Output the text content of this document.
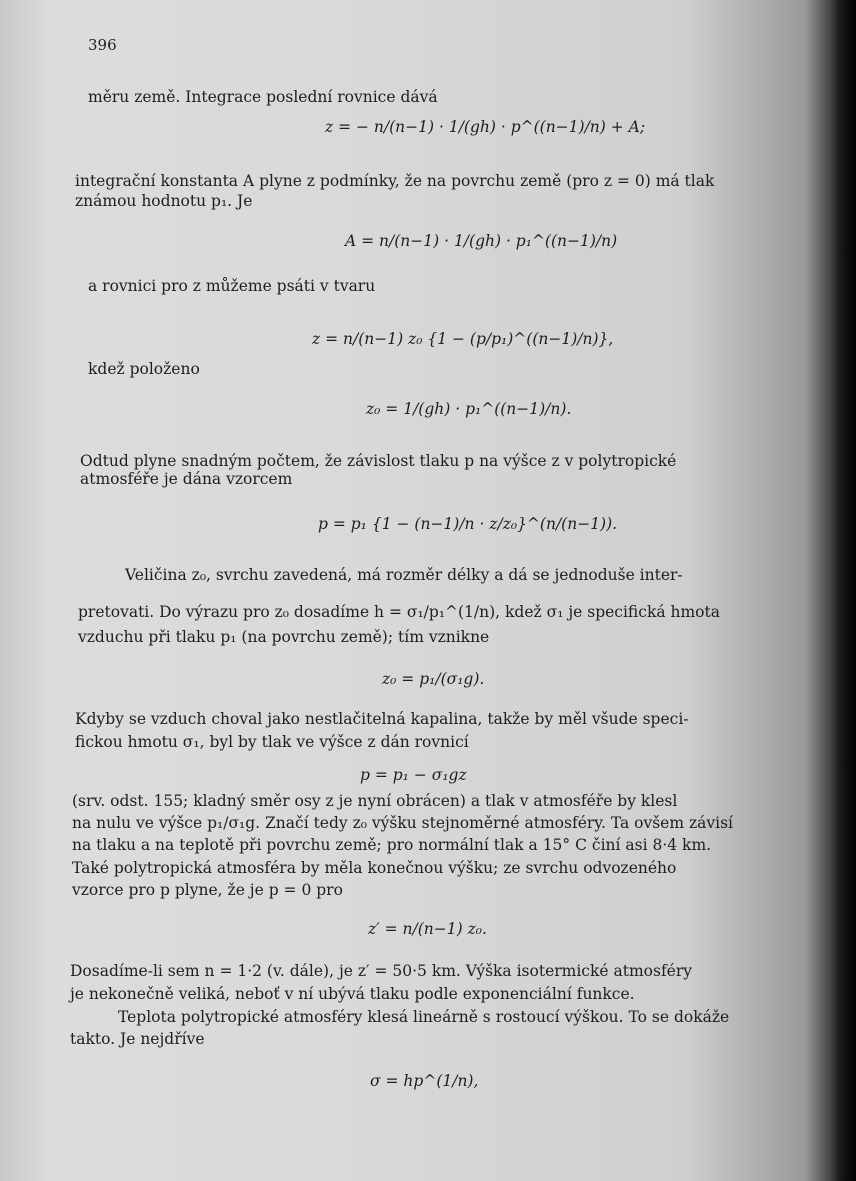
396
měru země. Integrace poslední rovnice dává
z = − n/(n−1) · 1/(gh) · p^((n−1)/n) + A;
integrační konstanta A plyne z podmínky, že na povrchu země (pro z = 0) má tlak
známou hodnotu p₁. Je
A = n/(n−1) · 1/(gh) · p₁^((n−1)/n)
a rovnici pro z můžeme psáti v tvaru
z = n/(n−1) z₀ {1 − (p/p₁)^((n−1)/n)},
kdež položeno
z₀ = 1/(gh) · p₁^((n−1)/n).
Odtud plyne snadným počtem, že závislost tlaku p na výšce z v polytropické
atmosféře je dána vzorcem
p = p₁ {1 − (n−1)/n · z/z₀}^(n/(n−1)).
Veličina z₀, svrchu zavedená, má rozměr délky a dá se jednoduše inter-
pretovati. Do výrazu pro z₀ dosadíme h = σ₁/p₁^(1/n), kdež σ₁ je specifická hmota
vzduchu při tlaku p₁ (na povrchu země); tím vznikne
z₀ = p₁/(σ₁g).
Kdyby se vzduch choval jako nestlačitelná kapalina, takže by měl všude speci-
fickou hmotu σ₁, byl by tlak ve výšce z dán rovnicí
p = p₁ − σ₁gz
(srv. odst. 155; kladný směr osy z je nyní obrácen) a tlak v atmosféře by klesl
na nulu ve výšce p₁/σ₁g. Značí tedy z₀ výšku stejnoměrné atmosféry. Ta ovšem závisí
na tlaku a na teplotě při povrchu země; pro normální tlak a 15° C činí asi 8·4 km.
Také polytropická atmosféra by měla konečnou výšku; ze svrchu odvozeného
vzorce pro p plyne, že je p = 0 pro
z′ = n/(n−1) z₀.
Dosadíme-li sem n = 1·2 (v. dále), je z′ = 50·5 km. Výška isotermické atmosféry
je nekonečně veliká, neboť v ní ubývá tlaku podle exponenciální funkce.
Teplota polytropické atmosféry klesá lineárně s rostoucí výškou. To se dokáže
takto. Je nejdříve
σ = hp^(1/n),
